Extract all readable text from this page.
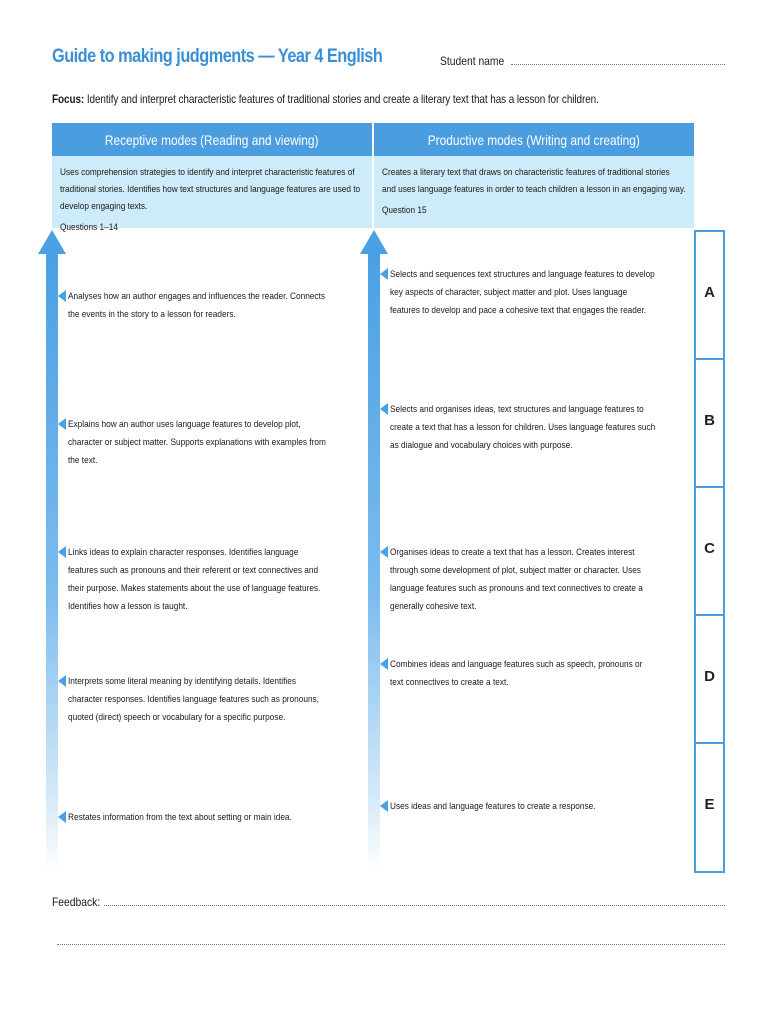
Guide to making judgments — Year 4 English	Student name
Focus: Identify and interpret characteristic features of traditional stories and create a literary text that has a lesson for children.
Receptive modes (Reading and viewing)	Productive modes (Writing and creating)
Uses comprehension strategies to identify and interpret characteristic features of traditional stories. Identifies how text structures and language features are used to develop engaging texts.
Questions 1–14
Creates a literary text that draws on characteristic features of traditional stories and uses language features in order to teach children a lesson in an engaging way.
Question 15
Analyses how an author engages and influences the reader. Connects the events in the story to a lesson for readers.
Explains how an author uses language features to develop plot, character or subject matter. Supports explanations with examples from the text.
Links ideas to explain character responses. Identifies language features such as pronouns and their referent or text connectives and their purpose. Makes statements about the use of language features. Identifies how a lesson is taught.
Interprets some literal meaning by identifying details. Identifies character responses. Identifies language features such as pronouns, quoted (direct) speech or vocabulary for a specific purpose.
Restates information from the text about setting or main idea.
Selects and sequences text structures and language features to develop key aspects of character, subject matter and plot. Uses language features to develop and pace a cohesive text that engages the reader.
Selects and organises ideas, text structures and language features to create a text that has a lesson for children. Uses language features such as dialogue and vocabulary choices with purpose.
Organises ideas to create a text that has a lesson. Creates interest through some development of plot, subject matter or character. Uses language features such as pronouns and text connectives to create a generally cohesive text.
Combines ideas and language features such as speech, pronouns or text connectives to create a text.
Uses ideas and language features to create a response.
A
B
C
D
E
Feedback:
